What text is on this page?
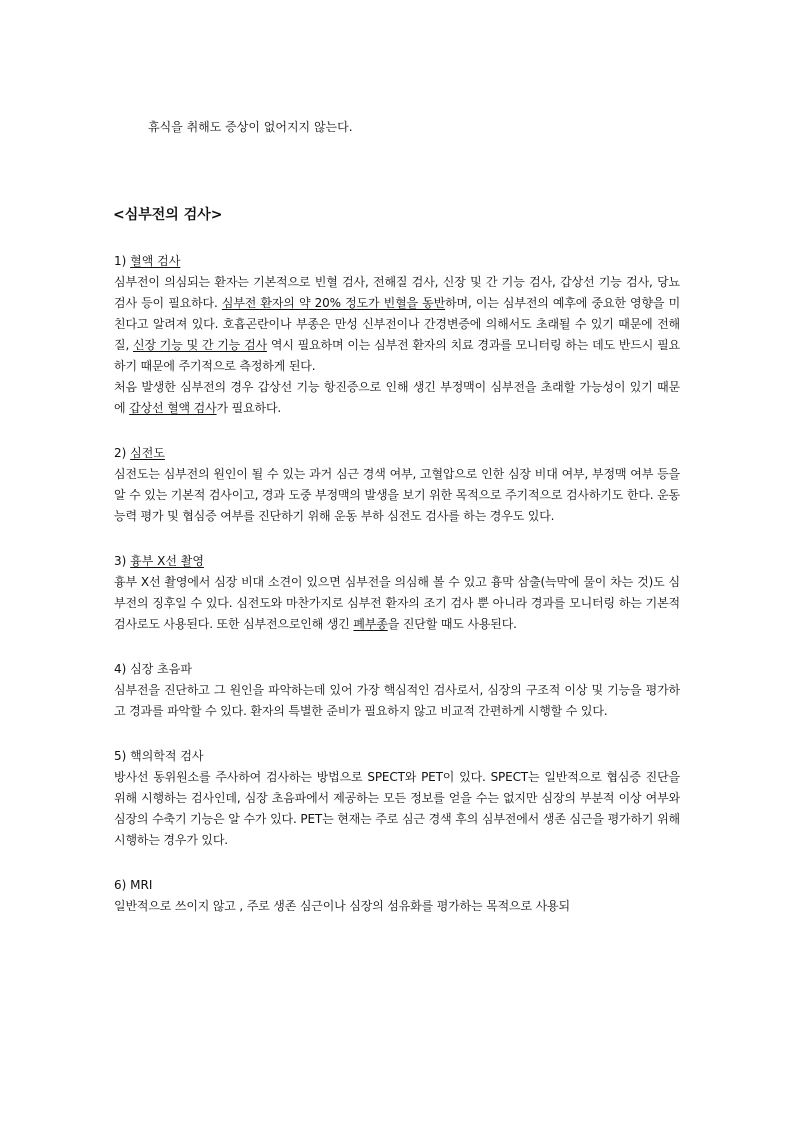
휴식을 취해도 증상이 없어지지 않는다.
<심부전의 검사>
1) 혈액 검사
심부전이 의심되는 환자는 기본적으로 빈혈 검사, 전해질 검사, 신장 및 간 기능 검사, 갑상선 기능 검사, 당뇨 검사 등이 필요하다. 심부전 환자의 약 20% 정도가 빈혈을 동반하며, 이는 심부전의 예후에 중요한 영향을 미친다고 알려져 있다. 호흡곤란이나 부종은 만성 신부전이나 간경변증에 의해서도 초래될 수 있기 때문에 전해질, 신장 기능 및 간 기능 검사 역시 필요하며 이는 심부전 환자의 치료 경과를 모니터링 하는 데도 반드시 필요하기 때문에 주기적으로 측정하게 된다.
처음 발생한 심부전의 경우 갑상선 기능 항진증으로 인해 생긴 부정맥이 심부전을 초래할 가능성이 있기 때문에 갑상선 혈액 검사가 필요하다.
2) 심전도
심전도는 심부전의 원인이 될 수 있는 과거 심근 경색 여부, 고혈압으로 인한 심장 비대 여부, 부정맥 여부 등을 알 수 있는 기본적 검사이고, 경과 도중 부정맥의 발생을 보기 위한 목적으로 주기적으로 검사하기도 한다. 운동 능력 평가 및 협심증 여부를 진단하기 위해 운동 부하 심전도 검사를 하는 경우도 있다.
3) 흉부 X선 촬영
흉부 X선 촬영에서 심장 비대 소견이 있으면 심부전을 의심해 볼 수 있고 흉막 삼출(늑막에 물이 차는 것)도 심부전의 징후일 수 있다. 심전도와 마찬가지로 심부전 환자의 조기 검사 뿐 아니라 경과를 모니터링 하는 기본적 검사로도 사용된다. 또한 심부전으로인해 생긴 폐부종을 진단할 때도 사용된다.
4) 심장 초음파
심부전을 진단하고 그 원인을 파악하는데 있어 가장 핵심적인 검사로서, 심장의 구조적 이상 및 기능을 평가하고 경과를 파악할 수 있다. 환자의 특별한 준비가 필요하지 않고 비교적 간편하게 시행할 수 있다.
5) 핵의학적 검사
방사선 동위원소를 주사하여 검사하는 방법으로 SPECT와 PET이 있다. SPECT는 일반적으로 협심증 진단을 위해 시행하는 검사인데, 심장 초음파에서 제공하는 모든 정보를 얻을 수는 없지만 심장의 부분적 이상 여부와 심장의 수축기 기능은 알 수가 있다. PET는 현재는 주로 심근 경색 후의 심부전에서 생존 심근을 평가하기 위해 시행하는 경우가 있다.
6) MRI
일반적으로 쓰이지 않고 , 주로 생존 심근이나 심장의 섬유화를 평가하는 목적으로 사용되
